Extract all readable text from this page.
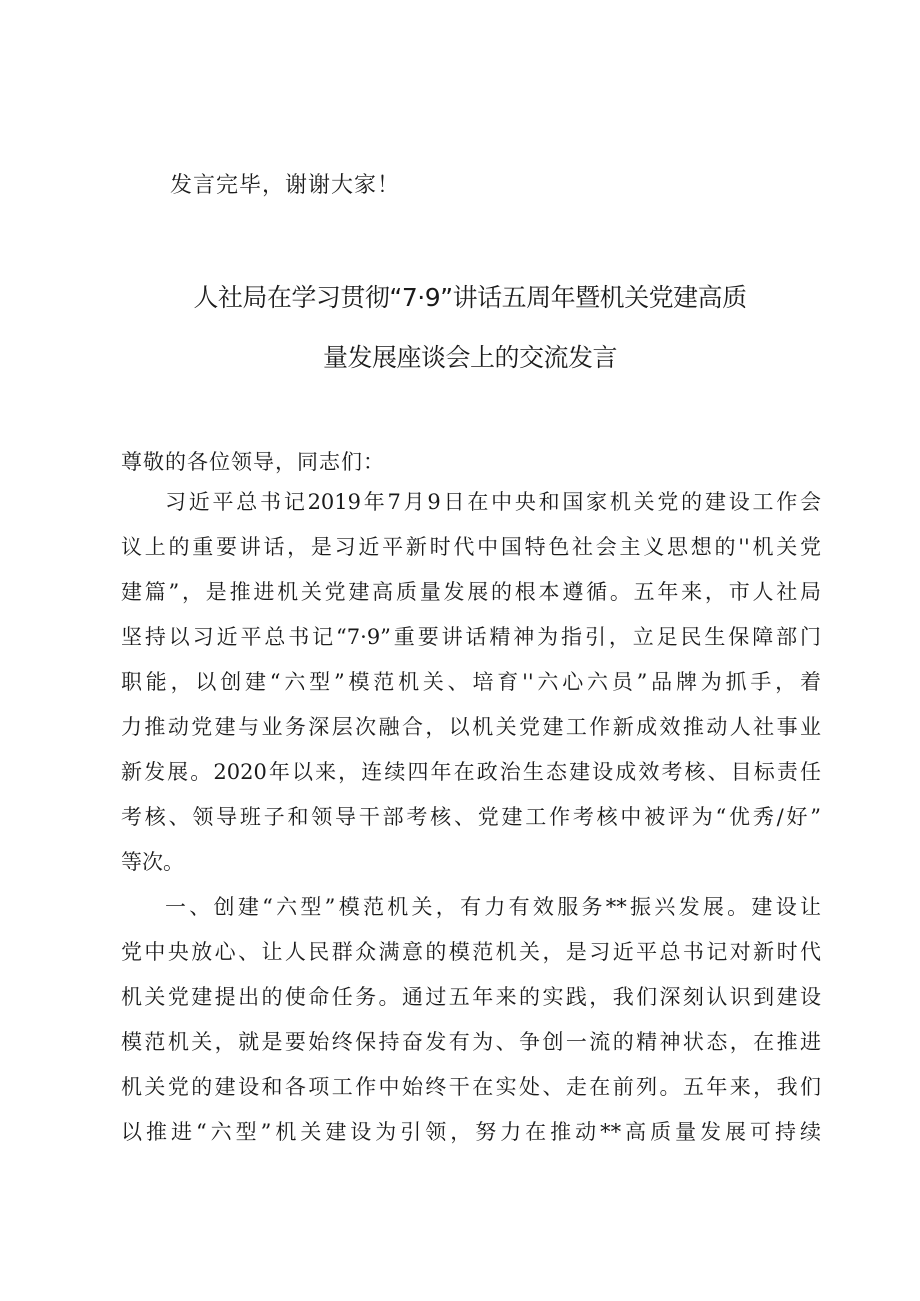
发言完毕，谢谢大家！
人社局在学习贯彻“7·9”讲话五周年暨机关党建高质
量发展座谈会上的交流发言
尊敬的各位领导，同志们：
习近平总书记2019年7月9日在中央和国家机关党的建设工作会
议上的重要讲话，是习近平新时代中国特色社会主义思想的''机关党
建篇”，是推进机关党建高质量发展的根本遵循。五年来，市人社局
坚持以习近平总书记“7·9”重要讲话精神为指引，立足民生保障部门
职能，以创建“六型”模范机关、培育''六心六员”品牌为抓手，着
力推动党建与业务深层次融合，以机关党建工作新成效推动人社事业
新发展。2020年以来，连续四年在政治生态建设成效考核、目标责任
考核、领导班子和领导干部考核、党建工作考核中被评为“优秀/好”
等次。
一、创建“六型”模范机关，有力有效服务**振兴发展。建设让
党中央放心、让人民群众满意的模范机关，是习近平总书记对新时代
机关党建提出的使命任务。通过五年来的实践，我们深刻认识到建设
模范机关，就是要始终保持奋发有为、争创一流的精神状态，在推进
机关党的建设和各项工作中始终干在实处、走在前列。五年来，我们
以推进“六型”机关建设为引领，努力在推动**高质量发展可持续
